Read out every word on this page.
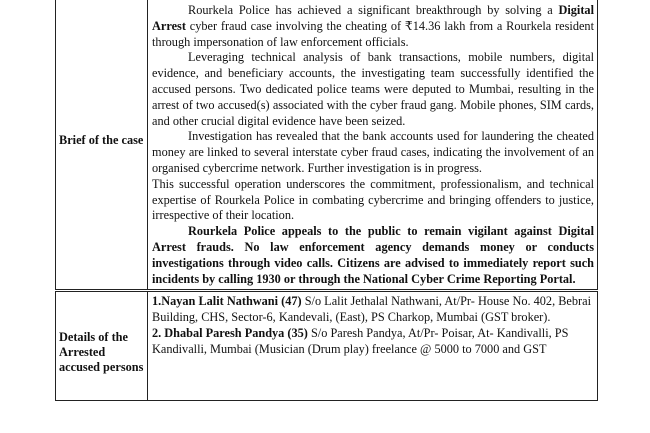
Brief of the case	Rourkela Police has achieved a significant breakthrough by solving a Digital Arrest cyber fraud case involving the cheating of ₹14.36 lakh from a Rourkela resident through impersonation of law enforcement officials.

Leveraging technical analysis of bank transactions, mobile numbers, digital evidence, and beneficiary accounts, the investigating team successfully identified the accused persons. Two dedicated police teams were deputed to Mumbai, resulting in the arrest of two accused(s) associated with the cyber fraud gang. Mobile phones, SIM cards, and other crucial digital evidence have been seized.

Investigation has revealed that the bank accounts used for laundering the cheated money are linked to several interstate cyber fraud cases, indicating the involvement of an organised cybercrime network. Further investigation is in progress.

This successful operation underscores the commitment, professionalism, and technical expertise of Rourkela Police in combating cybercrime and bringing offenders to justice, irrespective of their location.

Rourkela Police appeals to the public to remain vigilant against Digital Arrest frauds. No law enforcement agency demands money or conducts investigations through video calls. Citizens are advised to immediately report such incidents by calling 1930 or through the National Cyber Crime Reporting Portal.

Details of the Arrested accused persons	1.Nayan Lalit Nathwani (47) S/o Lalit Jethalal Nathwani, At/Pr- House No. 402, Bebrai Building, CHS, Sector-6, Kandevali, (East), PS Charkop, Mumbai (GST broker).

2. Dhabal Paresh Pandya (35) S/o Paresh Pandya, At/Pr- Poisar, At- Kandivalli, PS Kandivalli, Mumbai (Musician (Drum play) freelance @ 5000 to 7000 and GST
